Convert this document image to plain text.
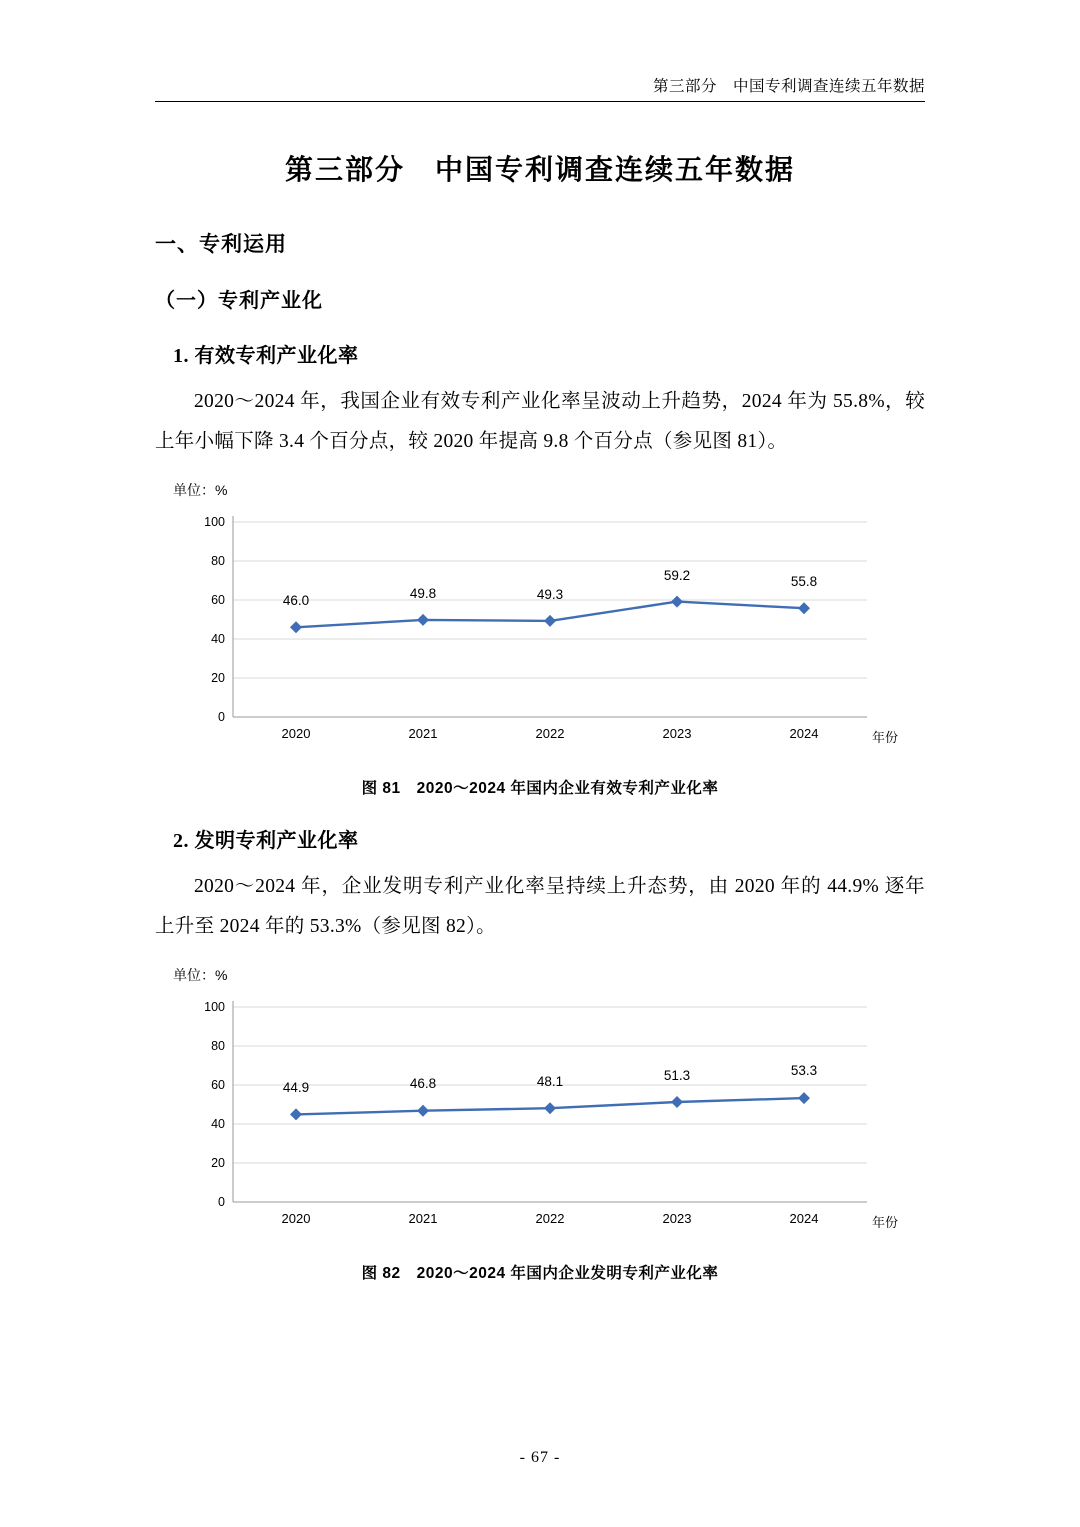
第三部分　中国专利调查连续五年数据
第三部分　中国专利调查连续五年数据
一、专利运用
（一）专利产业化
1. 有效专利产业化率

2020～2024 年，我国企业有效专利产业化率呈波动上升趋势，2024 年为 55.8%，较上年小幅下降 3.4 个百分点，较 2020 年提高 9.8 个百分点（参见图 81）。

单位：%
100
80
60
40
20
0
46.0	49.8	49.3
59.2	55.8
2020	2021	2022	2023	2024	年份
图 81　2020～2024 年国内企业有效专利产业化率
2. 发明专利产业化率

2020～2024 年，企业发明专利产业化率呈持续上升态势，由 2020 年的 44.9% 逐年上升至 2024 年的 53.3%（参见图 82）。

单位：%
100
80
60
40
20
0
44.9	46.8	48.1	51.3	53.3
2020	2021	2022	2023	2024	年份
图 82　2020～2024 年国内企业发明专利产业化率
- 67 -
